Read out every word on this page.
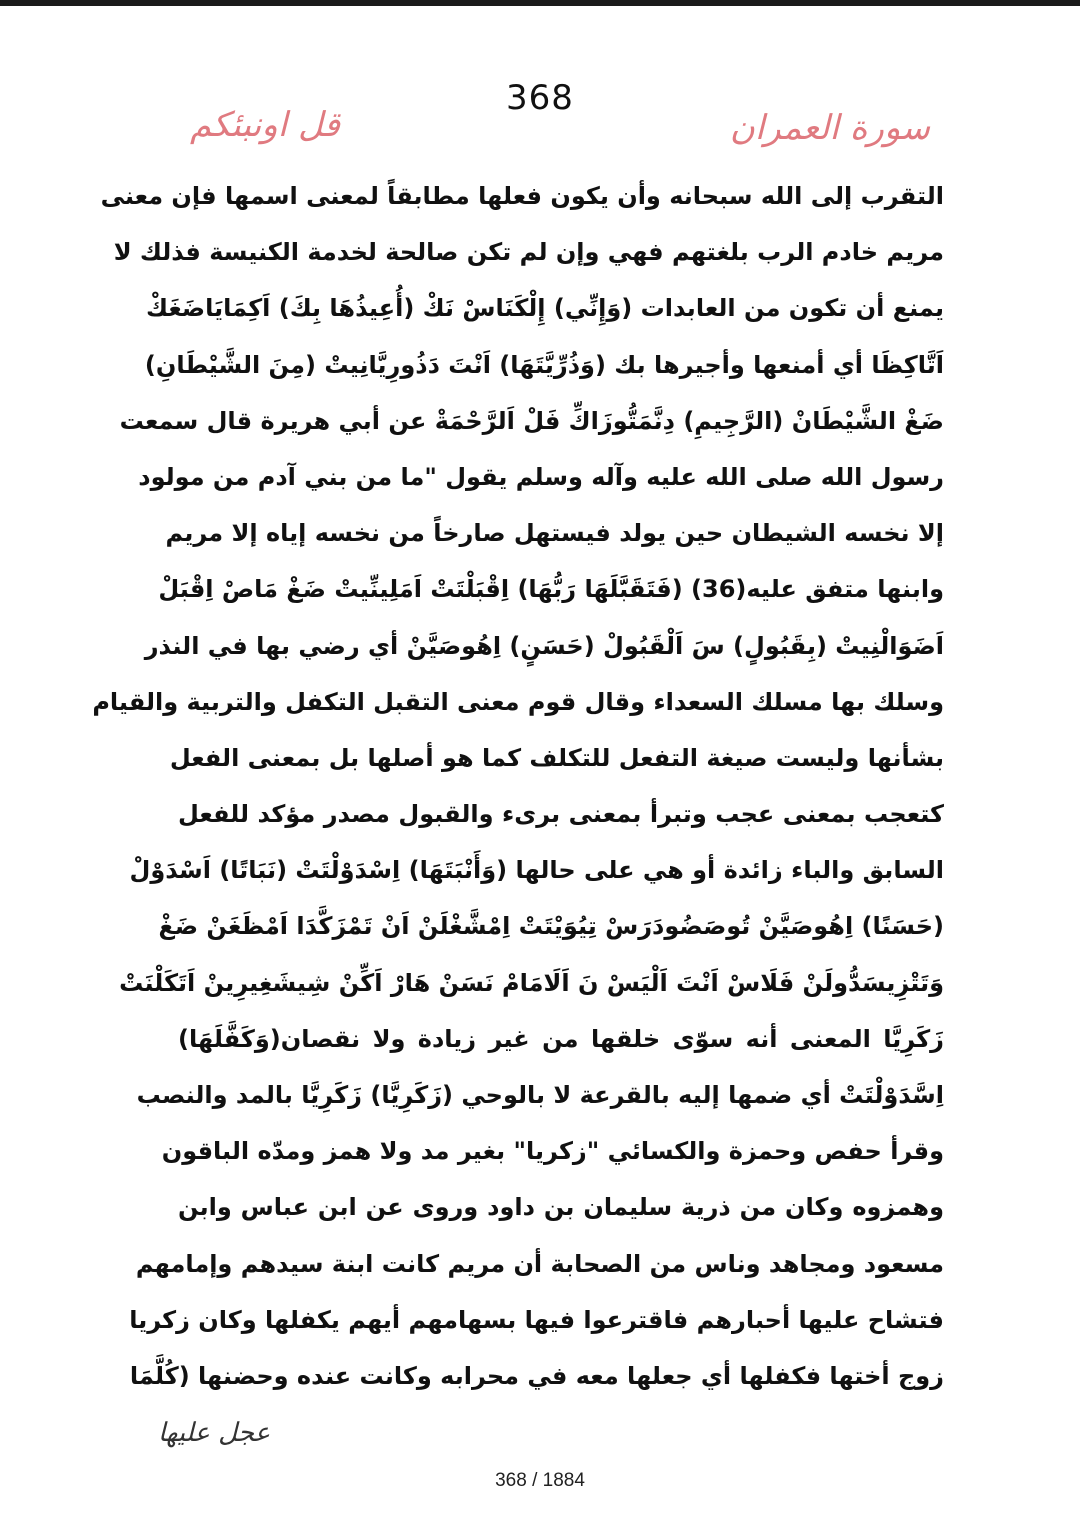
368
سورة العمران
قل اونبئكم
التقرب إلى الله سبحانه وأن يكون فعلها مطابقاً لمعنى اسمها فإن معنى
مريم خادم الرب بلغتهم فهي وإن لم تكن صالحة لخدمة الكنيسة فذلك لا
يمنع أن تكون من العابدات (وَإِنِّي) إِلْكَنَاسْ نَكْ (أُعِيذُهَا بِكَ) اَكِمَايَاضَغَكْ
اَتَّاكِظَا أي أمنعها وأجيرها بك (وَذُرِّيَّتَهَا) اَنْتَ دَذُورِيَّانِيتْ (مِنَ الشَّيْطَانِ)
ضَغْ الشَّيْطَانْ (الرَّجِيمِ) دِنَّمَتُّوزَاكِّ فَلْ اَلرَّحْمَةْ عن أبي هريرة قال سمعت
رسول الله صلى الله عليه وآله وسلم يقول "ما من بني آدم من مولود
إلا نخسه الشيطان حين يولد فيستهل صارخاً من نخسه إياه إلا مريم
وابنها متفق عليه(36) (فَتَقَبَّلَهَا رَبُّهَا) اِقْبَلْتَتْ اَمَلِينِّيتْ ضَغْ مَاصْ اِقْبَلْ
اَضَوَالْنِيتْ (بِقَبُولٍ) سَ اَلْقَبُولْ (حَسَنٍ) اِهُوصَيَّنْ أي رضي بها في النذر
وسلك بها مسلك السعداء وقال قوم معنى التقبل التكفل والتربية والقيام
بشأنها وليست صيغة التفعل للتكلف كما هو أصلها بل بمعنى الفعل
كتعجب بمعنى عجب وتبرأ بمعنى برىء والقبول مصدر مؤكد للفعل
السابق والباء زائدة أو هي على حالها (وَأَنْبَتَهَا) اِسْدَوْلْتَتْ (نَبَاتًا) اَسْدَوْلْ
(حَسَنًا) اِهُوصَيَّنْ تُوصَضُودَرَسْ تِيُوَيْتَتْ اِمْشَّغْلَنْ اَنْ تَمْزَكَّدَا اَمْظَغَنْ ضَغْ
وَتَتْزِيسَدُّولَنْ فَلَاسْ اَنْتَ اَلْيَسْ نَ اَلَامَامْ نَسَنْ هَارْ اَكِّنْ شِيشَغِيرِينْ اَتَكَلْنَتْ
زَكَرِيَّا المعنى أنه سوّى خلقها من غير زيادة ولا نقصان(وَكَفَّلَهَا)
اِسَّدَوْلْتَتْ أي ضمها إليه بالقرعة لا بالوحي (زَكَرِيَّا) زَكَرِيَّا بالمد والنصب
وقرأ حفص وحمزة والكسائي "زكريا" بغير مد ولا همز ومدّه الباقون
وهمزوه وكان من ذرية سليمان بن داود وروى عن ابن عباس وابن
مسعود ومجاهد وناس من الصحابة أن مريم كانت ابنة سيدهم وإمامهم
فتشاح عليها أحبارهم فاقترعوا فيها بسهامهم أيهم يكفلها وكان زكريا
زوج أختها فكفلها أي جعلها معه في محرابه وكانت عنده وحضنها (كُلَّمَا
عجل عليها
368 / 1884
